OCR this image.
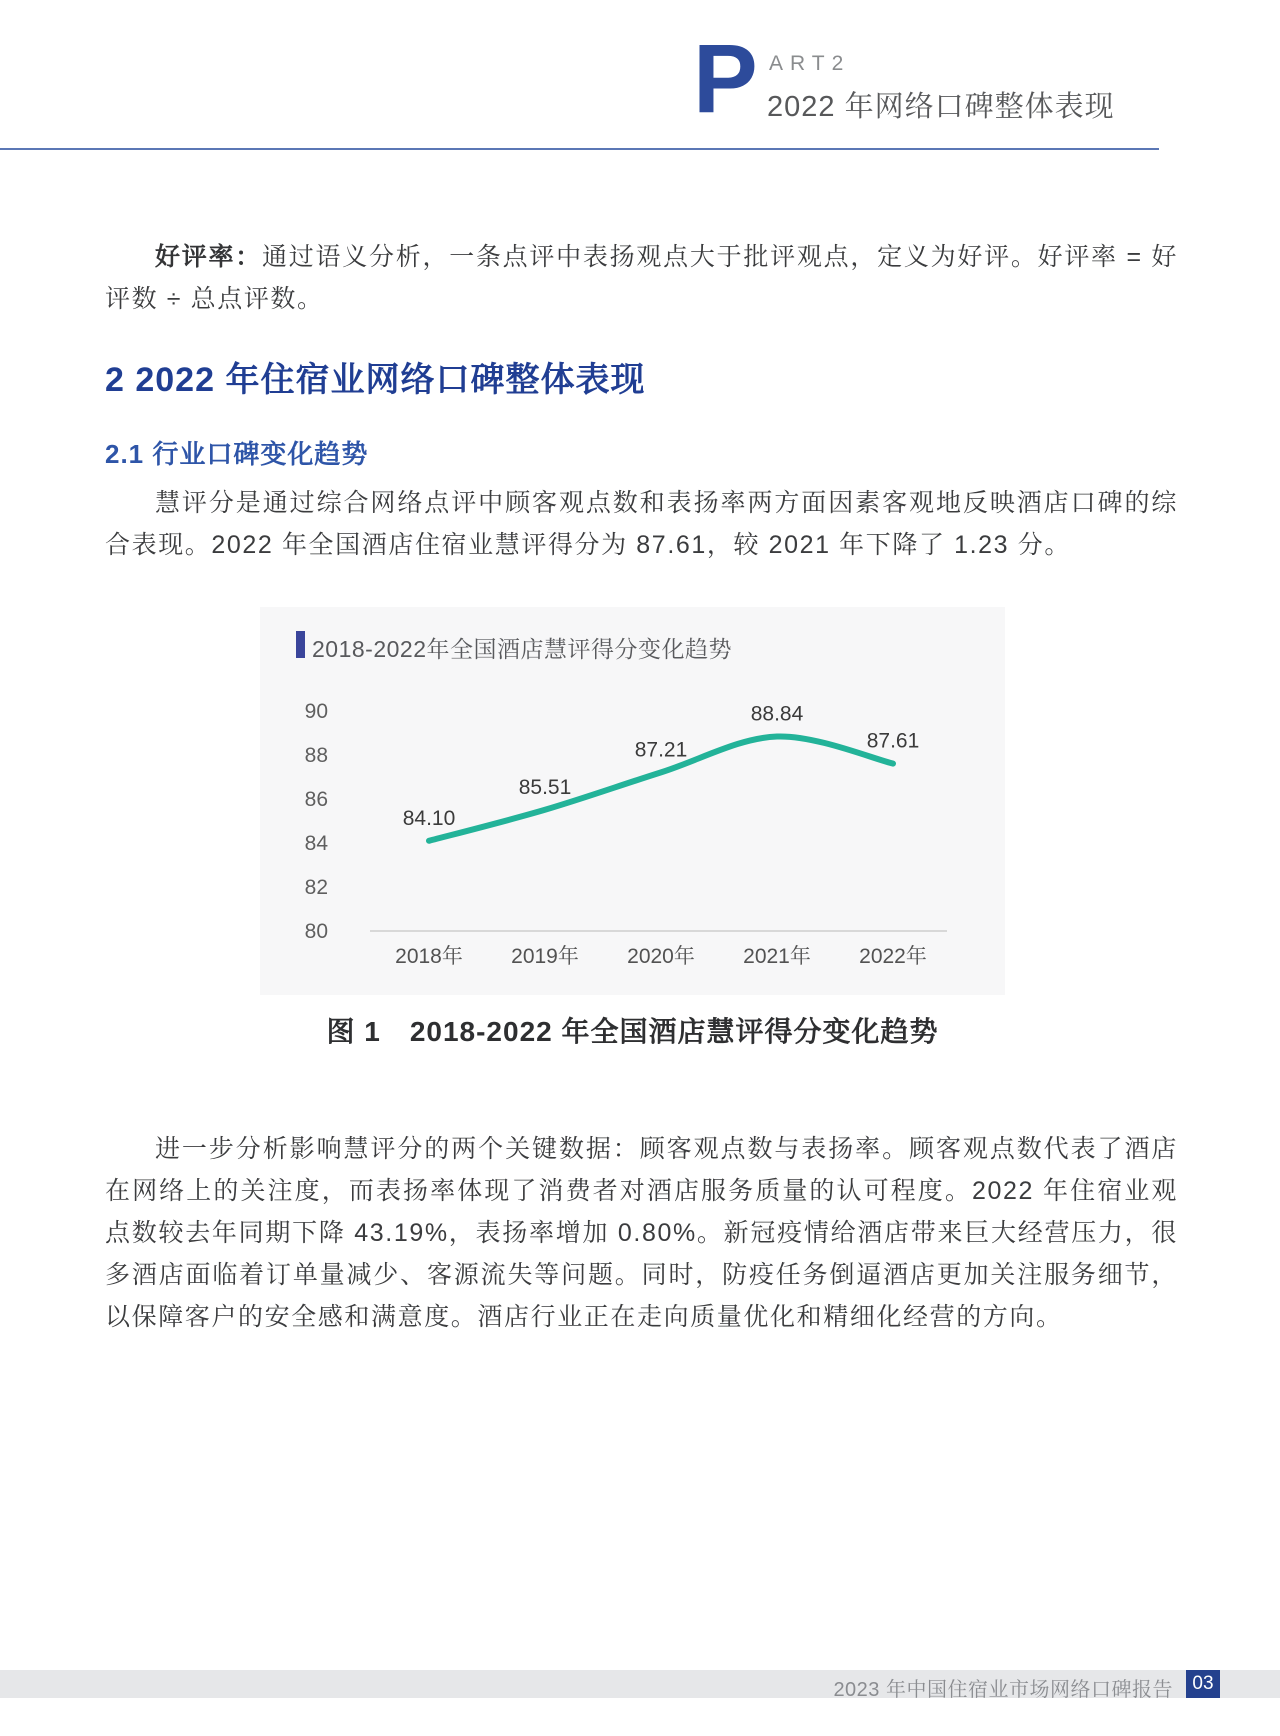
P ART2
2022 年网络口碑整体表现
好评率：通过语义分析，一条点评中表扬观点大于批评观点，定义为好评。好评率 = 好评数 ÷ 总点评数。
2 2022 年住宿业网络口碑整体表现
2.1 行业口碑变化趋势
慧评分是通过综合网络点评中顾客观点数和表扬率两方面因素客观地反映酒店口碑的综合表现。2022 年全国酒店住宿业慧评得分为 87.61，较 2021 年下降了 1.23 分。
2018-2022年全国酒店慧评得分变化趋势
90
88
86
84
82
80
2018年 2019年 2020年 2021年 2022年
84.10
85.51
87.21
88.84
87.61
图 1　2018-2022 年全国酒店慧评得分变化趋势
进一步分析影响慧评分的两个关键数据：顾客观点数与表扬率。顾客观点数代表了酒店在网络上的关注度，而表扬率体现了消费者对酒店服务质量的认可程度。2022 年住宿业观点数较去年同期下降 43.19%，表扬率增加 0.80%。新冠疫情给酒店带来巨大经营压力，很多酒店面临着订单量减少、客源流失等问题。同时，防疫任务倒逼酒店更加关注服务细节，以保障客户的安全感和满意度。酒店行业正在走向质量优化和精细化经营的方向。
2023 年中国住宿业市场网络口碑报告	03
